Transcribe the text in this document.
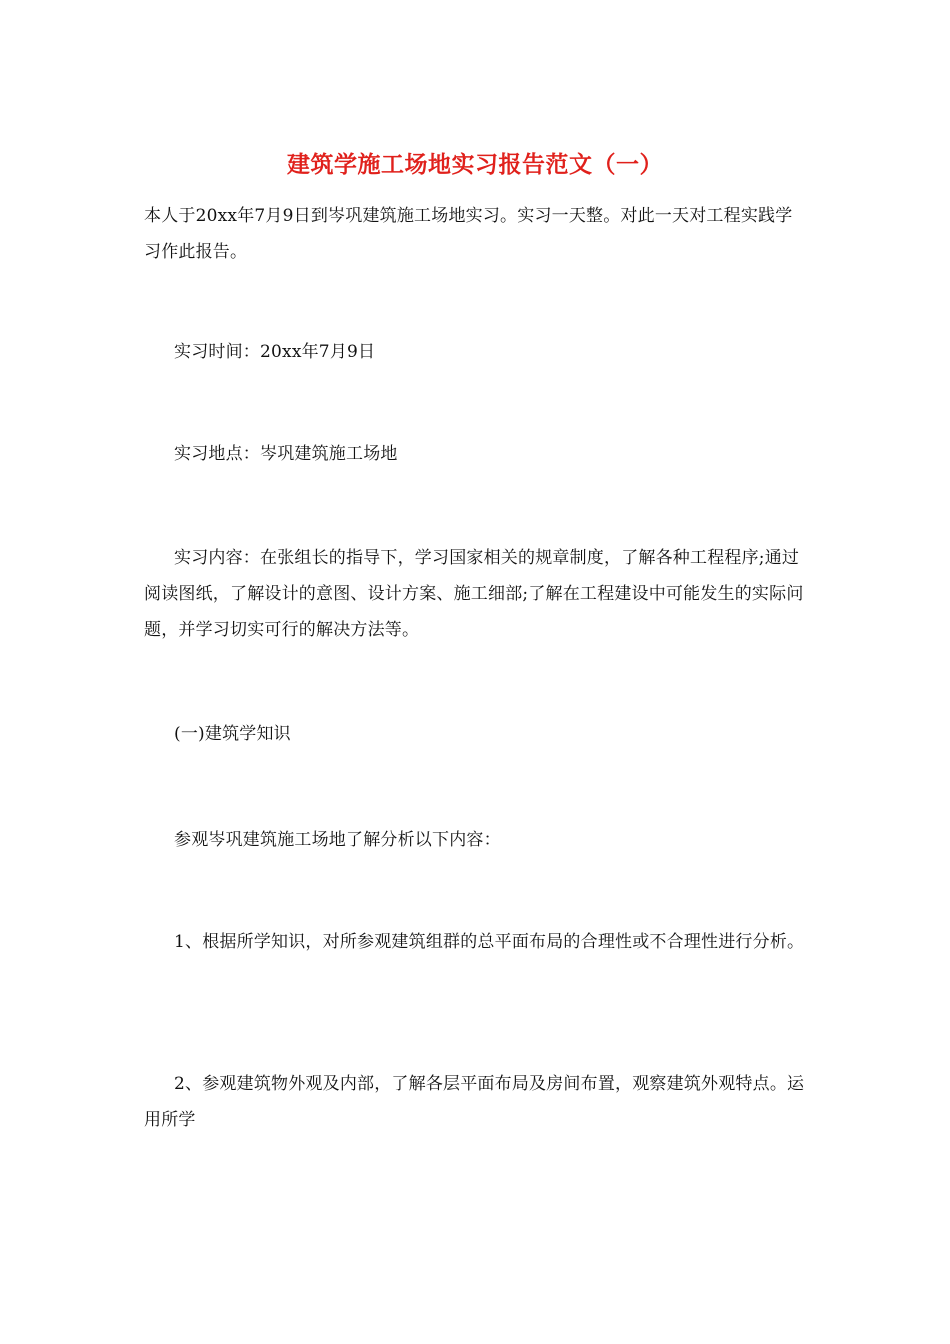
建筑学施工场地实习报告范文（一）

本人于20xx年7月9日到岑巩建筑施工场地实习。实习一天整。对此一天对工程实践学习作此报告。

实习时间：20xx年7月9日

实习地点：岑巩建筑施工场地

实习内容：在张组长的指导下，学习国家相关的规章制度，了解各种工程程序;通过阅读图纸，了解设计的意图、设计方案、施工细部;了解在工程建设中可能发生的实际问题，并学习切实可行的解决方法等。

(一)建筑学知识

参观岑巩建筑施工场地了解分析以下内容：

1、根据所学知识，对所参观建筑组群的总平面布局的合理性或不合理性进行分析。

2、参观建筑物外观及内部，了解各层平面布局及房间布置，观察建筑外观特点。运用所学
